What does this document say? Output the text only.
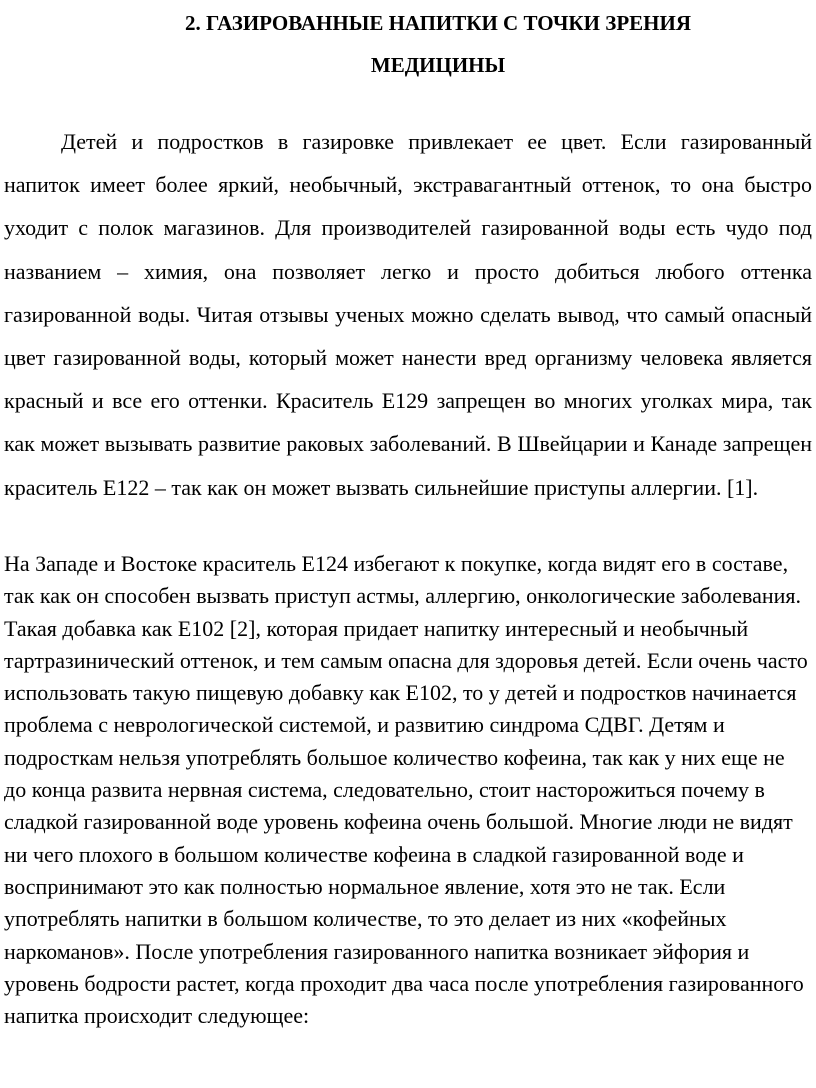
2. ГАЗИРОВАННЫЕ НАПИТКИ С ТОЧКИ ЗРЕНИЯ
МЕДИЦИНЫ

Детей и подростков в газировке привлекает ее цвет. Если газированный напиток имеет более яркий, необычный, экстравагантный оттенок, то она быстро уходит с полок магазинов. Для производителей газированной воды есть чудо под названием – химия, она позволяет легко и просто добиться любого оттенка газированной воды. Читая отзывы ученых можно сделать вывод, что самый опасный цвет газированной воды, который может нанести вред организму человека является красный и все его оттенки. Краситель Е129 запрещен во многих уголках мира, так как может вызывать развитие раковых заболеваний. В Швейцарии и Канаде запрещен краситель Е122 – так как он может вызвать сильнейшие приступы аллергии. [1].

На Западе и Востоке краситель Е124 избегают к покупке, когда видят его в составе, так как он способен вызвать приступ астмы, аллергию, онкологические заболевания. Такая добавка как Е102 [2], которая придает напитку интересный и необычный тартразинический оттенок, и тем самым опасна для здоровья детей. Если очень часто использовать такую пищевую добавку как Е102, то у детей и подростков начинается проблема с неврологической системой, и развитию синдрома СДВГ. Детям и подросткам нельзя употреблять большое количество кофеина, так как у них еще не до конца развита нервная система, следовательно, стоит насторожиться почему в сладкой газированной воде уровень кофеина очень большой. Многие люди не видят ни чего плохого в большом количестве кофеина в сладкой газированной воде и воспринимают это как полностью нормальное явление, хотя это не так. Если употреблять напитки в большом количестве, то это делает из них «кофейных наркоманов». После употребления газированного напитка возникает эйфория и уровень бодрости растет, когда проходит два часа после употребления газированного напитка происходит следующее:
